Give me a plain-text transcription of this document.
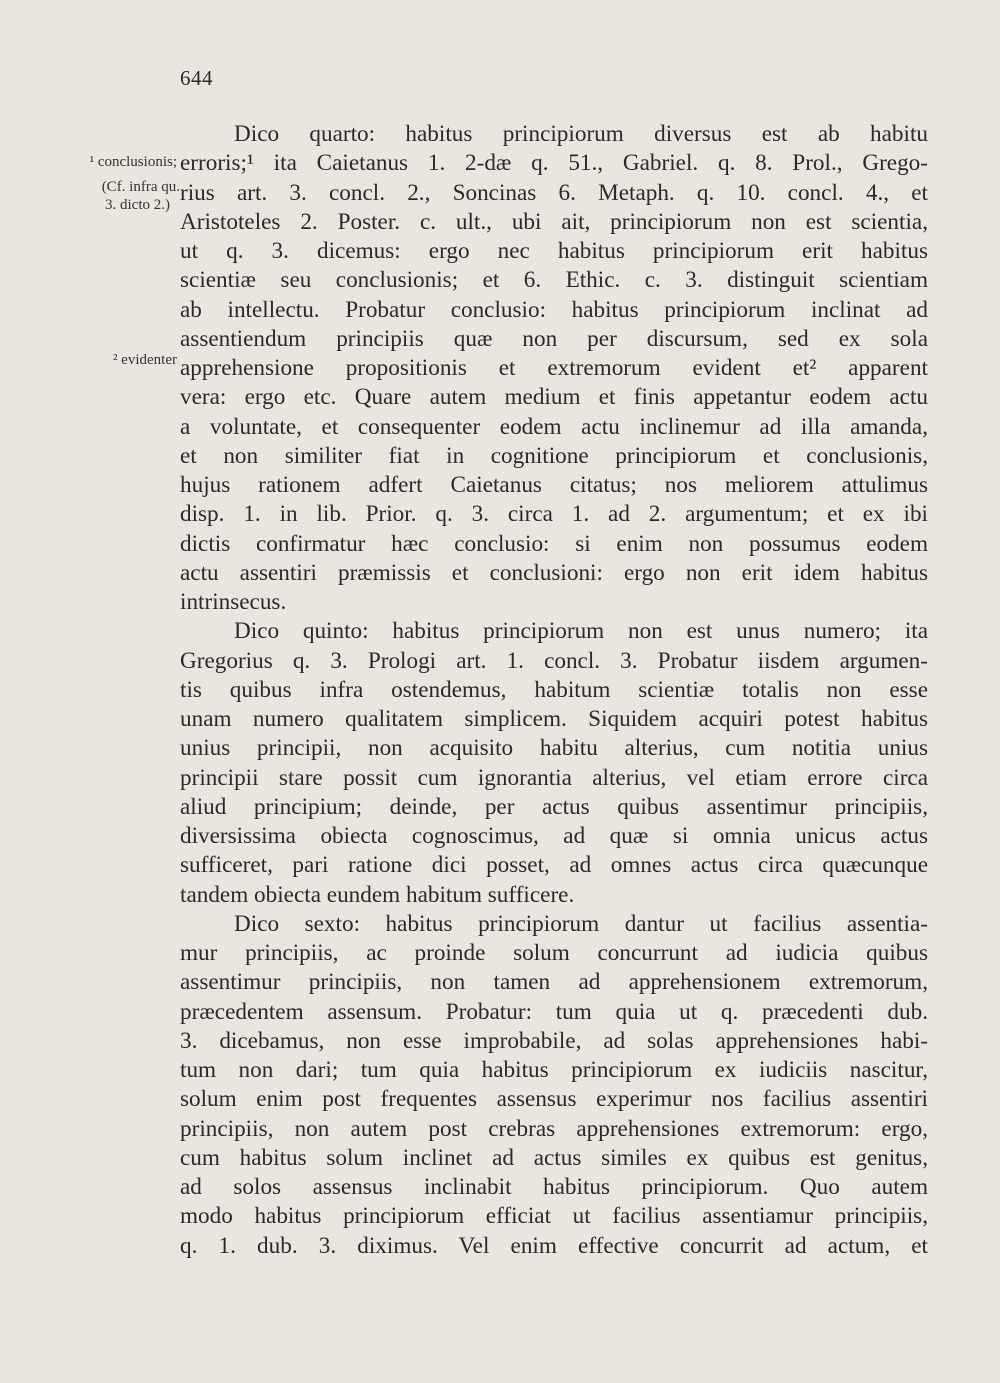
644
¹ conclusionis;
(Cf. infra qu.
3. dicto 2.)
² evidenter
Dico quarto: habitus principiorum diversus est ab habitu
erroris;¹ ita Caietanus 1. 2-dæ q. 51., Gabriel. q. 8. Prol., Grego-
rius art. 3. concl. 2., Soncinas 6. Metaph. q. 10. concl. 4., et
Aristoteles 2. Poster. c. ult., ubi ait, principiorum non est scientia,
ut q. 3. dicemus: ergo nec habitus principiorum erit habitus
scientiæ seu conclusionis; et 6. Ethic. c. 3. distinguit scientiam
ab intellectu. Probatur conclusio: habitus principiorum inclinat ad
assentiendum principiis quæ non per discursum, sed ex sola
apprehensione propositionis et extremorum evident et² apparent
vera: ergo etc. Quare autem medium et finis appetantur eodem actu
a voluntate, et consequenter eodem actu inclinemur ad illa amanda,
et non similiter fiat in cognitione principiorum et conclusionis,
hujus rationem adfert Caietanus citatus; nos meliorem attulimus
disp. 1. in lib. Prior. q. 3. circa 1. ad 2. argumentum; et ex ibi
dictis confirmatur hæc conclusio: si enim non possumus eodem
actu assentiri præmissis et conclusioni: ergo non erit idem habitus
intrinsecus.
Dico quinto: habitus principiorum non est unus numero; ita
Gregorius q. 3. Prologi art. 1. concl. 3. Probatur iisdem argumen-
tis quibus infra ostendemus, habitum scientiæ totalis non esse
unam numero qualitatem simplicem. Siquidem acquiri potest habitus
unius principii, non acquisito habitu alterius, cum notitia unius
principii stare possit cum ignorantia alterius, vel etiam errore circa
aliud principium; deinde, per actus quibus assentimur principiis,
diversissima obiecta cognoscimus, ad quæ si omnia unicus actus
sufficeret, pari ratione dici posset, ad omnes actus circa quæcunque
tandem obiecta eundem habitum sufficere.
Dico sexto: habitus principiorum dantur ut facilius assentia-
mur principiis, ac proinde solum concurrunt ad iudicia quibus
assentimur principiis, non tamen ad apprehensionem extremorum,
præcedentem assensum. Probatur: tum quia ut q. præcedenti dub.
3. dicebamus, non esse improbabile, ad solas apprehensiones habi-
tum non dari; tum quia habitus principiorum ex iudiciis nascitur,
solum enim post frequentes assensus experimur nos facilius assentiri
principiis, non autem post crebras apprehensiones extremorum: ergo,
cum habitus solum inclinet ad actus similes ex quibus est genitus,
ad solos assensus inclinabit habitus principiorum. Quo autem
modo habitus principiorum efficiat ut facilius assentiamur principiis,
q. 1. dub. 3. diximus. Vel enim effective concurrit ad actum, et
